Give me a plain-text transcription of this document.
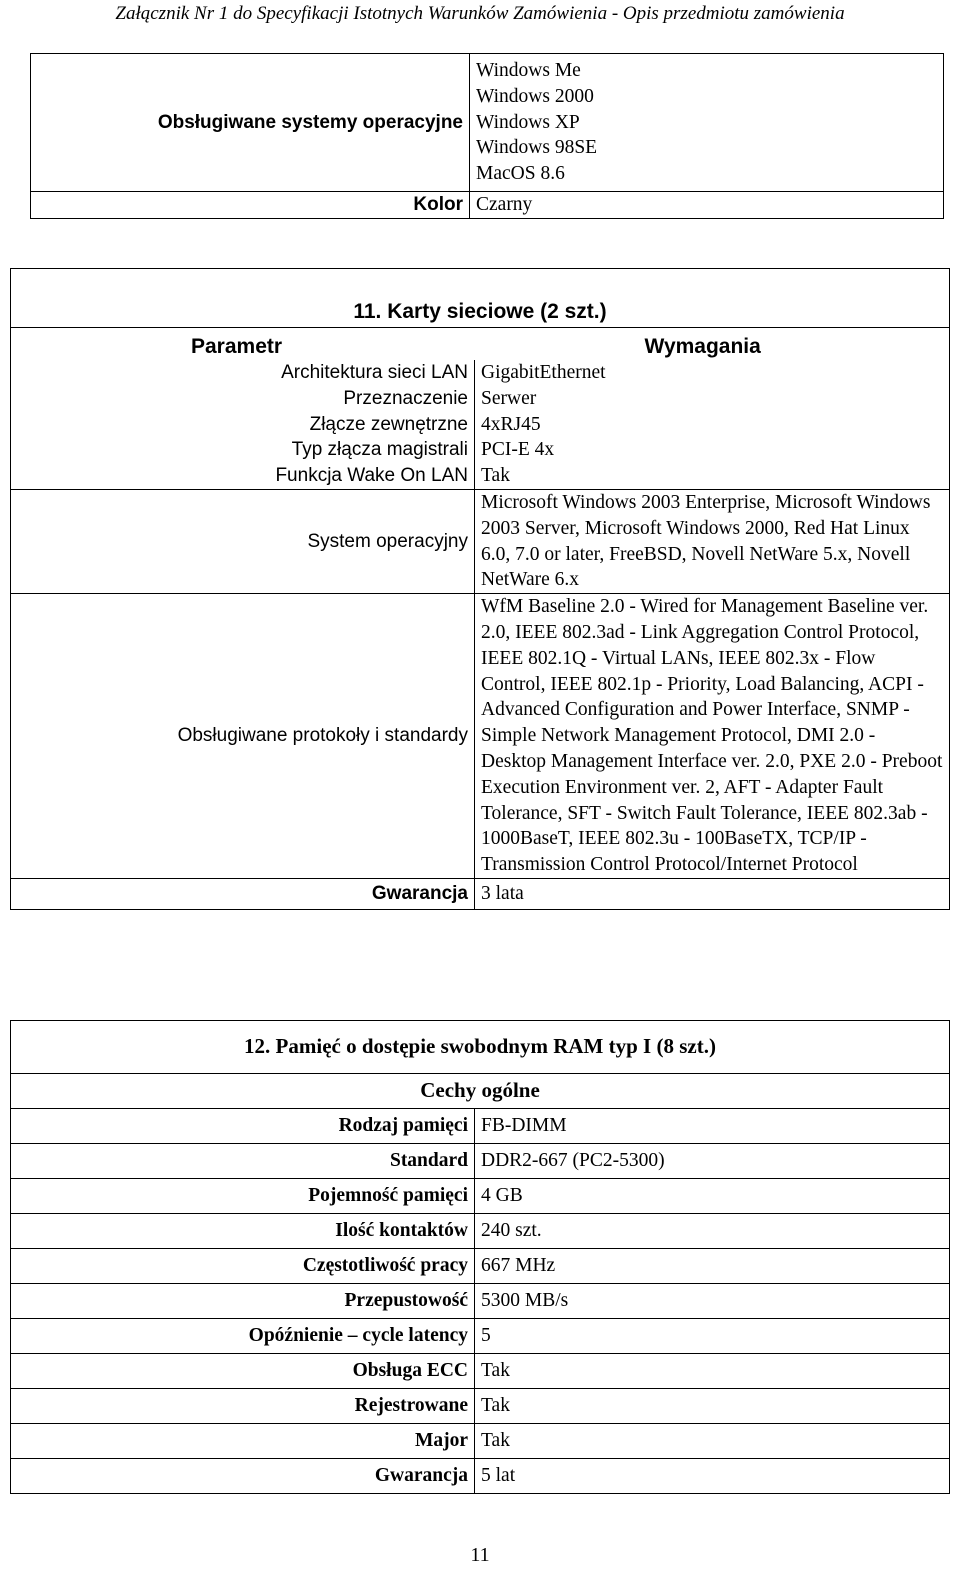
Załącznik Nr 1 do Specyfikacji Istotnych Warunków Zamówienia - Opis przedmiotu zamówienia
Obsługiwane systemy operacyjne	Windows Me
Windows 2000
Windows XP
Windows 98SE
MacOS 8.6
Kolor	Czarny
11. Karty sieciowe (2 szt.)	
Parametr	Wymagania
Architektura sieci LAN	GigabitEthernet
Przeznaczenie	Serwer
Złącze zewnętrzne	4xRJ45
Typ złącza magistrali	PCI-E 4x
Funkcja Wake On LAN	Tak
System operacyjny	Microsoft Windows 2003 Enterprise, Microsoft Windows 2003 Server, Microsoft Windows 2000, Red Hat Linux 6.0, 7.0 or later, FreeBSD, Novell NetWare 5.x, Novell NetWare 6.x
Obsługiwane protokoły i standardy	WfM Baseline 2.0 - Wired for Management Baseline ver. 2.0, IEEE 802.3ad - Link Aggregation Control Protocol, IEEE 802.1Q - Virtual LANs, IEEE 802.3x - Flow Control, IEEE 802.1p - Priority, Load Balancing, ACPI - Advanced Configuration and Power Interface, SNMP - Simple Network Management Protocol, DMI 2.0 - Desktop Management Interface ver. 2.0, PXE 2.0 - Preboot Execution Environment ver. 2, AFT - Adapter Fault Tolerance, SFT - Switch Fault Tolerance, IEEE 802.3ab - 1000BaseT, IEEE 802.3u - 100BaseTX, TCP/IP - Transmission Control Protocol/Internet Protocol
Gwarancja	3 lata
12. Pamięć o dostępie swobodnym RAM typ I (8 szt.)	
Cechy ogólne	
Rodzaj pamięci	FB-DIMM
Standard	DDR2-667 (PC2-5300)
Pojemność pamięci	4 GB
Ilość kontaktów	240 szt.
Częstotliwość pracy	667 MHz
Przepustowość	5300 MB/s
Opóźnienie – cycle latency	5
Obsługa ECC	Tak
Rejestrowane	Tak
Major	Tak
Gwarancja	5 lat
11
